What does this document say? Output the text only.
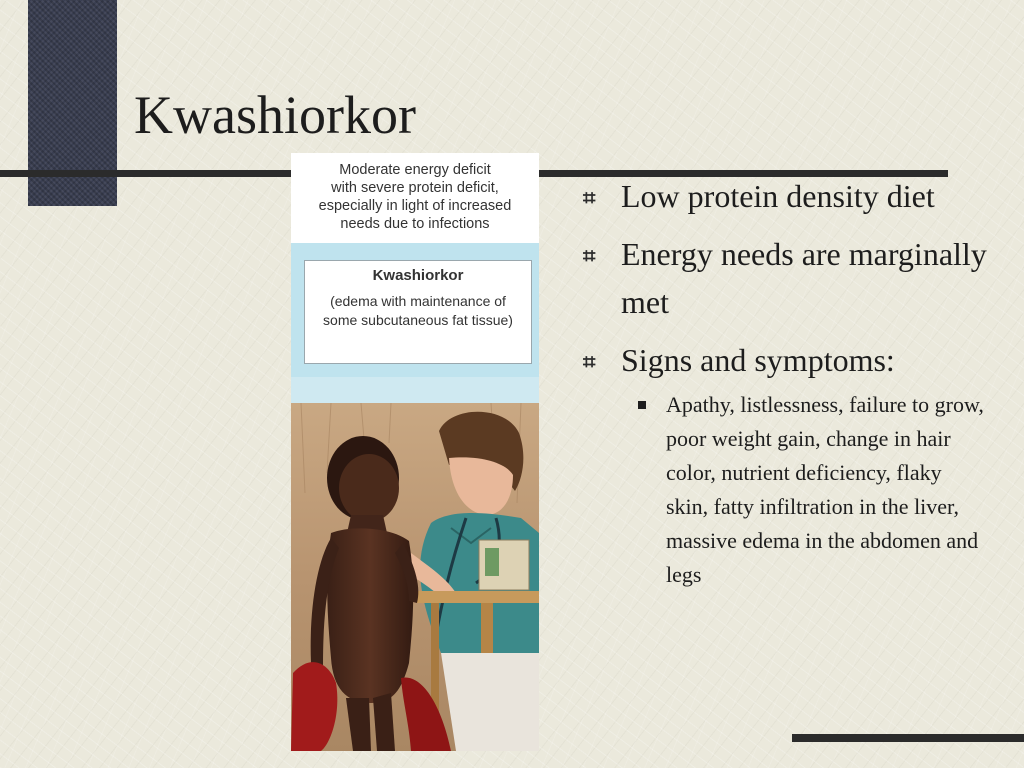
Kwashiorkor
Moderate energy deficit
with severe protein deficit,
especially in light of increased
needs due to infections
Kwashiorkor
(edema with maintenance of
some subcutaneous fat tissue)
⌗ Low protein density diet
⌗ Energy needs are marginally met
⌗ Signs and symptoms:
Apathy, listlessness, failure to grow, poor weight gain, change in hair color, nutrient deficiency, flaky skin, fatty infiltration in the liver, massive edema in the abdomen and legs
